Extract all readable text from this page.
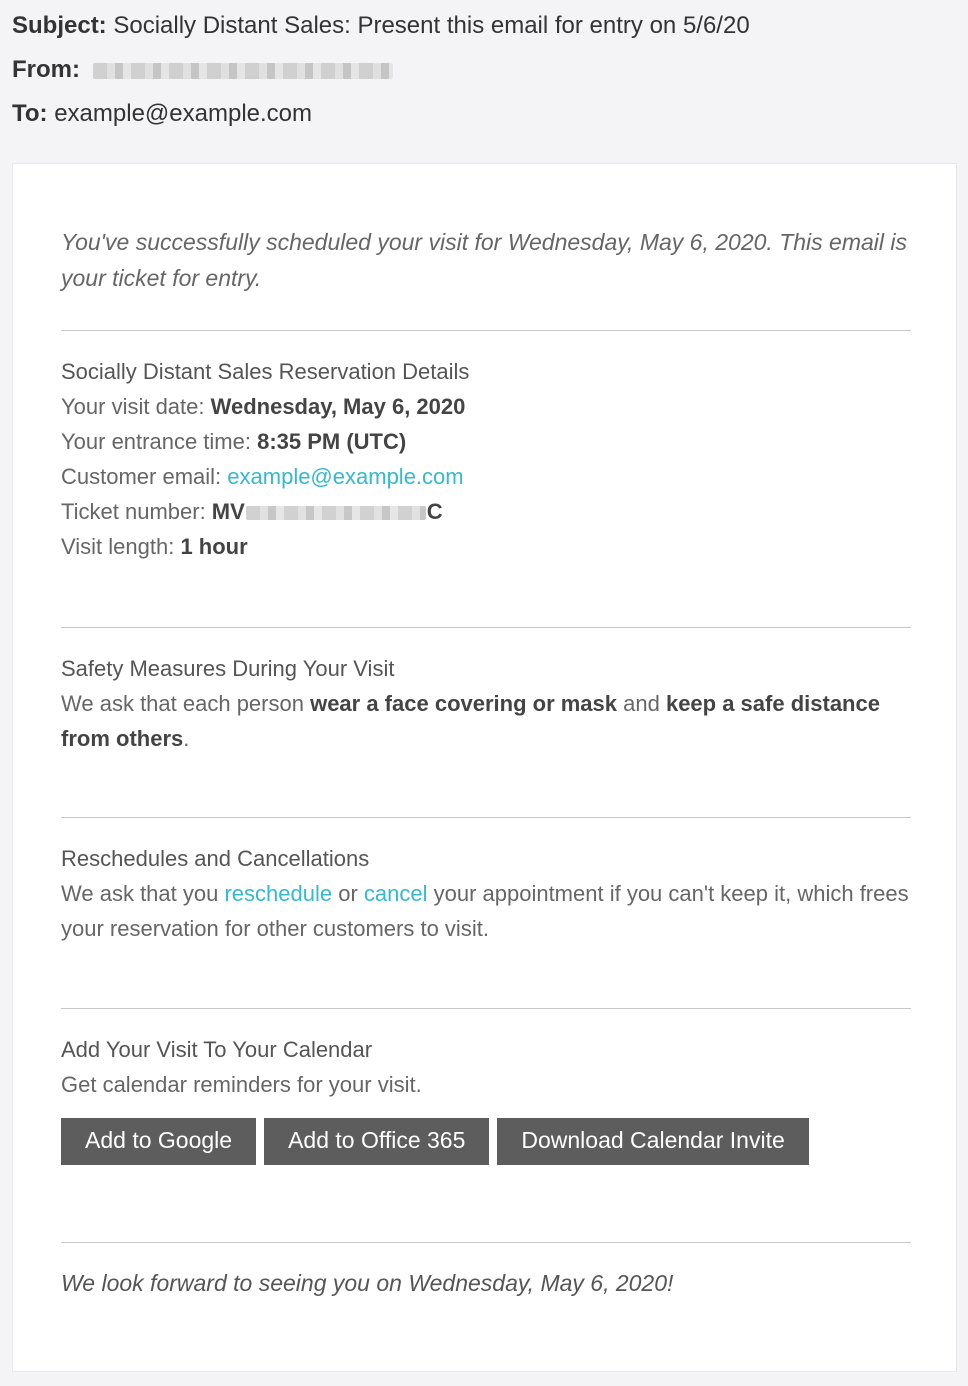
Subject: Socially Distant Sales: Present this email for entry on 5/6/20
From:
To: example@example.com
You've successfully scheduled your visit for Wednesday, May 6, 2020. This email is your ticket for entry.
Socially Distant Sales Reservation Details
Your visit date: Wednesday, May 6, 2020
Your entrance time: 8:35 PM (UTC)
Customer email: example@example.com
Ticket number: MV	C
Visit length: 1 hour
Safety Measures During Your Visit
We ask that each person wear a face covering or mask and keep a safe distance from others.
Reschedules and Cancellations
We ask that you reschedule or cancel your appointment if you can't keep it, which frees your reservation for other customers to visit.
Add Your Visit To Your Calendar
Get calendar reminders for your visit.
Add to Google	Add to Office 365	Download Calendar Invite
We look forward to seeing you on Wednesday, May 6, 2020!
